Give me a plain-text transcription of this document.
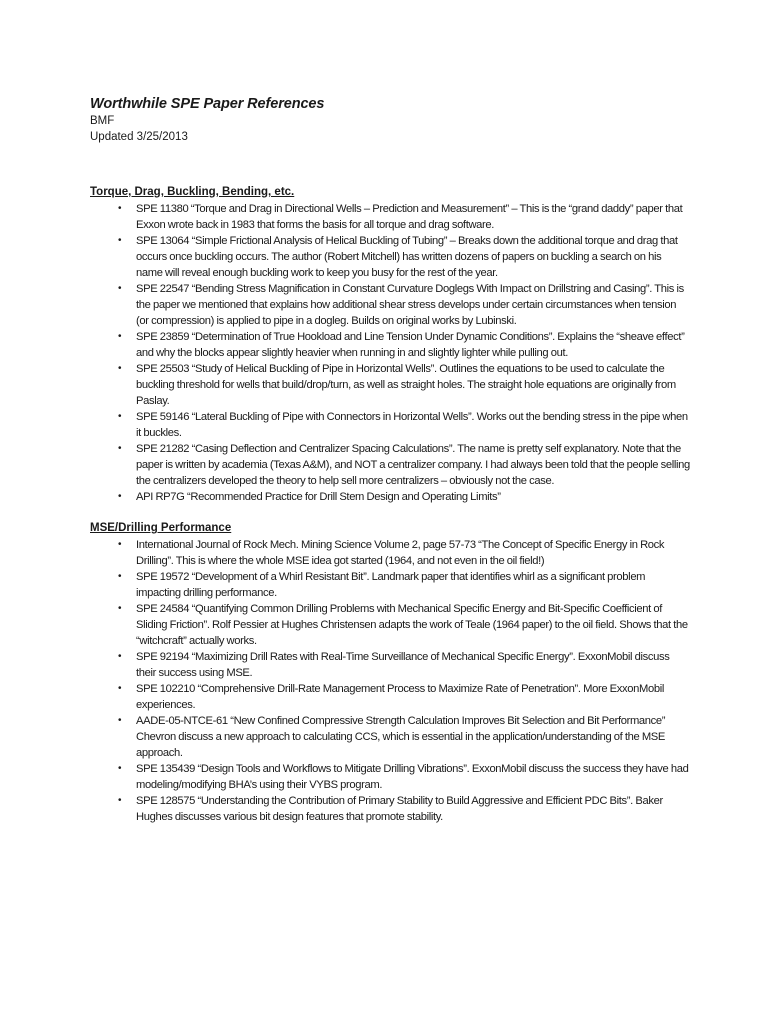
Worthwhile SPE Paper References

BMF

Updated 3/25/2013

Torque, Drag, Buckling, Bending, etc.
• SPE 11380 “Torque and Drag in Directional Wells – Prediction and Measurement” – This is the “grand daddy” paper that Exxon wrote back in 1983 that forms the basis for all torque and drag software.
• SPE 13064 “Simple Frictional Analysis of Helical Buckling of Tubing” – Breaks down the additional torque and drag that occurs once buckling occurs. The author (Robert Mitchell) has written dozens of papers on buckling a search on his name will reveal enough buckling work to keep you busy for the rest of the year.
• SPE 22547 “Bending Stress Magnification in Constant Curvature Doglegs With Impact on Drillstring and Casing”. This is the paper we mentioned that explains how additional shear stress develops under certain circumstances when tension (or compression) is applied to pipe in a dogleg. Builds on original works by Lubinski.
• SPE 23859 “Determination of True Hookload and Line Tension Under Dynamic Conditions”. Explains the “sheave effect” and why the blocks appear slightly heavier when running in and slightly lighter while pulling out.
• SPE 25503 “Study of Helical Buckling of Pipe in Horizontal Wells”. Outlines the equations to be used to calculate the buckling threshold for wells that build/drop/turn, as well as straight holes. The straight hole equations are originally from Paslay.
• SPE 59146 “Lateral Buckling of Pipe with Connectors in Horizontal Wells”. Works out the bending stress in the pipe when it buckles.
• SPE 21282 “Casing Deflection and Centralizer Spacing Calculations”. The name is pretty self explanatory. Note that the paper is written by academia (Texas A&M), and NOT a centralizer company. I had always been told that the people selling the centralizers developed the theory to help sell more centralizers – obviously not the case.
• API RP7G “Recommended Practice for Drill Stem Design and Operating Limits”
MSE/Drilling Performance
• International Journal of Rock Mech. Mining Science Volume 2, page 57-73 “The Concept of Specific Energy in Rock Drilling”. This is where the whole MSE idea got started (1964, and not even in the oil field!)
• SPE 19572 “Development of a Whirl Resistant Bit”. Landmark paper that identifies whirl as a significant problem impacting drilling performance.
• SPE 24584 “Quantifying Common Drilling Problems with Mechanical Specific Energy and Bit-Specific Coefficient of Sliding Friction”. Rolf Pessier at Hughes Christensen adapts the work of Teale (1964 paper) to the oil field. Shows that the “witchcraft” actually works.
• SPE 92194 “Maximizing Drill Rates with Real-Time Surveillance of Mechanical Specific Energy”. ExxonMobil discuss their success using MSE.
• SPE 102210 “Comprehensive Drill-Rate Management Process to Maximize Rate of Penetration”. More ExxonMobil experiences.
• AADE-05-NTCE-61 “New Confined Compressive Strength Calculation Improves Bit Selection and Bit Performance” Chevron discuss a new approach to calculating CCS, which is essential in the application/understanding of the MSE approach.
• SPE 135439 “Design Tools and Workflows to Mitigate Drilling Vibrations”. ExxonMobil discuss the success they have had modeling/modifying BHA’s using their VYBS program.
• SPE 128575 “Understanding the Contribution of Primary Stability to Build Aggressive and Efficient PDC Bits”. Baker Hughes discusses various bit design features that promote stability.
